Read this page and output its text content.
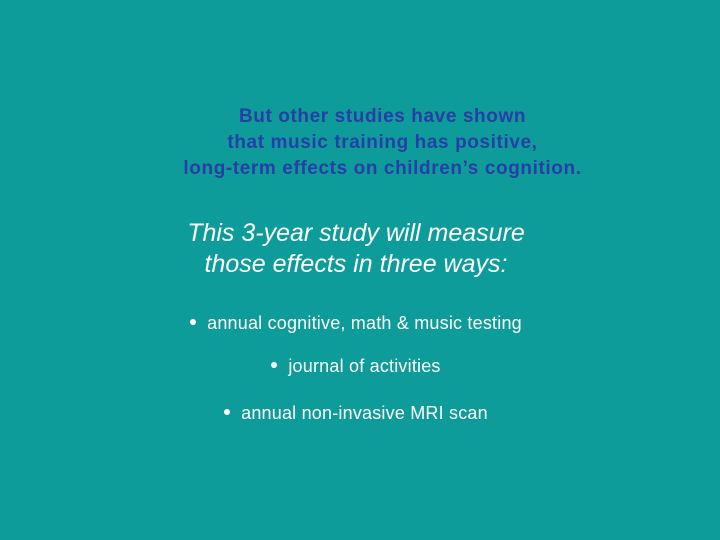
But other studies have shown
that music training has positive,
long-term effects on children’s cognition.

This 3-year study will measure
those effects in three ways:

annual cognitive, math & music testing

journal of activities

annual non-invasive MRI scan
